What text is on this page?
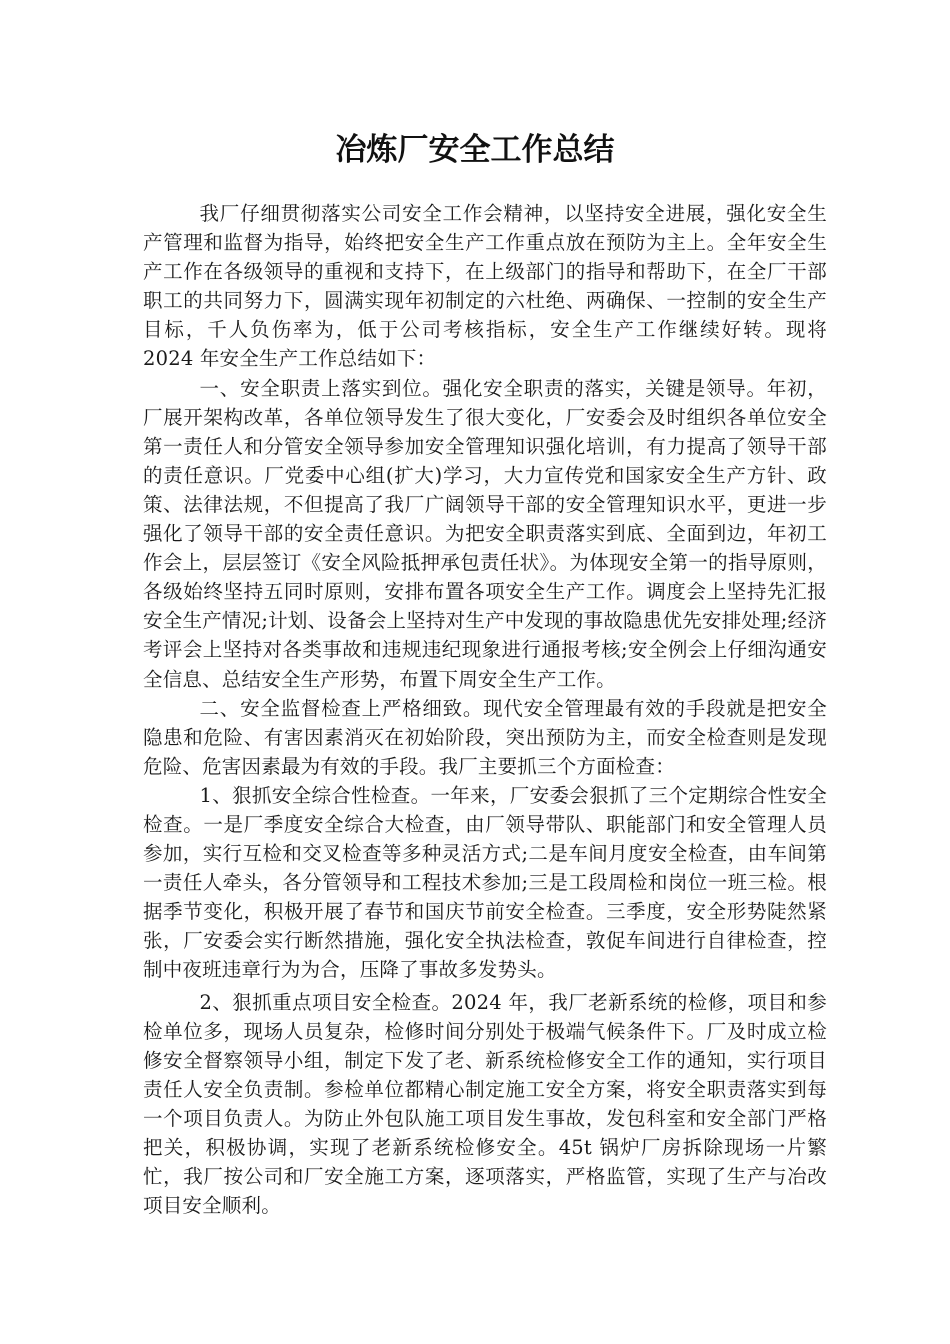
冶炼厂安全工作总结

我厂仔细贯彻落实公司安全工作会精神，以坚持安全进展，强化安全生产管理和监督为指导，始终把安全生产工作重点放在预防为主上。全年安全生产工作在各级领导的重视和支持下，在上级部门的指导和帮助下，在全厂干部职工的共同努力下，圆满实现年初制定的六杜绝、两确保、一控制的安全生产目标，千人负伤率为，低于公司考核指标，安全生产工作继续好转。现将 2024 年安全生产工作总结如下：

一、安全职责上落实到位。强化安全职责的落实，关键是领导。年初，厂展开架构改革，各单位领导发生了很大变化，厂安委会及时组织各单位安全第一责任人和分管安全领导参加安全管理知识强化培训，有力提高了领导干部的责任意识。厂党委中心组(扩大)学习，大力宣传党和国家安全生产方针、政策、法律法规，不但提高了我厂广阔领导干部的安全管理知识水平，更进一步强化了领导干部的安全责任意识。为把安全职责落实到底、全面到边，年初工作会上，层层签订《安全风险抵押承包责任状》。为体现安全第一的指导原则，各级始终坚持五同时原则，安排布置各项安全生产工作。调度会上坚持先汇报安全生产情况;计划、设备会上坚持对生产中发现的事故隐患优先安排处理;经济考评会上坚持对各类事故和违规违纪现象进行通报考核;安全例会上仔细沟通安全信息、总结安全生产形势，布置下周安全生产工作。

二、安全监督检查上严格细致。现代安全管理最有效的手段就是把安全隐患和危险、有害因素消灭在初始阶段，突出预防为主，而安全检查则是发现危险、危害因素最为有效的手段。我厂主要抓三个方面检查：

1、狠抓安全综合性检查。一年来，厂安委会狠抓了三个定期综合性安全检查。一是厂季度安全综合大检查，由厂领导带队、职能部门和安全管理人员参加，实行互检和交叉检查等多种灵活方式;二是车间月度安全检查，由车间第一责任人牵头，各分管领导和工程技术参加;三是工段周检和岗位一班三检。根据季节变化，积极开展了春节和国庆节前安全检查。三季度，安全形势陡然紧张，厂安委会实行断然措施，强化安全执法检查，敦促车间进行自律检查，控制中夜班违章行为为合，压降了事故多发势头。

2、狠抓重点项目安全检查。2024 年，我厂老新系统的检修，项目和参检单位多，现场人员复杂，检修时间分别处于极端气候条件下。厂及时成立检修安全督察领导小组，制定下发了老、新系统检修安全工作的通知，实行项目责任人安全负责制。参检单位都精心制定施工安全方案，将安全职责落实到每一个项目负责人。为防止外包队施工项目发生事故，发包科室和安全部门严格把关，积极协调，实现了老新系统检修安全。45t 锅炉厂房拆除现场一片繁忙，我厂按公司和厂安全施工方案，逐项落实，严格监管，实现了生产与冶改项目安全顺利。
